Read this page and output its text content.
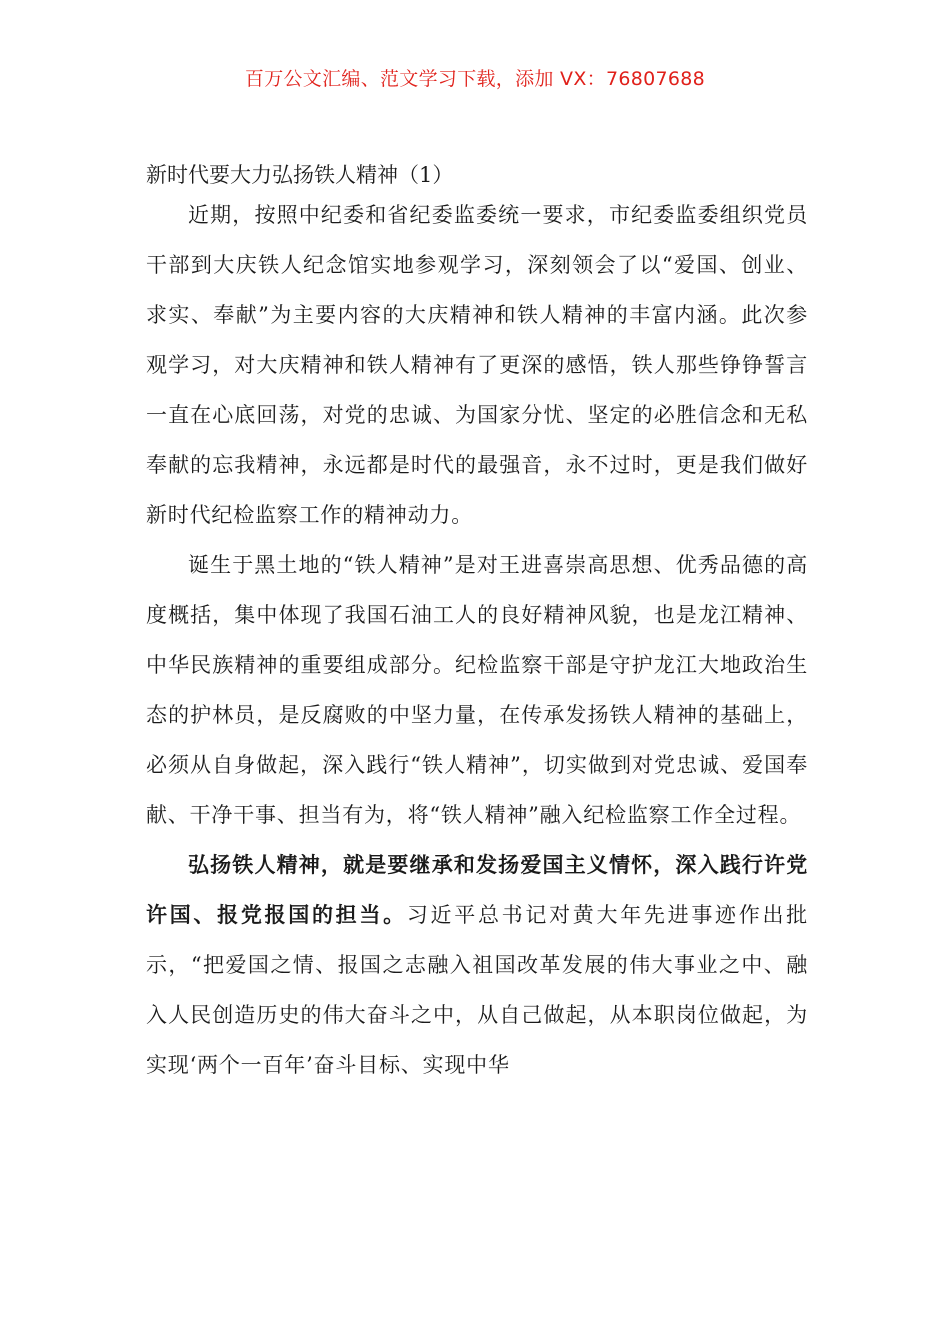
百万公文汇编、范文学习下载，添加 VX：76807688
新时代要大力弘扬铁人精神（1）

近期，按照中纪委和省纪委监委统一要求，市纪委监委组织党员干部到大庆铁人纪念馆实地参观学习，深刻领会了以“爱国、创业、求实、奉献”为主要内容的大庆精神和铁人精神的丰富内涵。此次参观学习，对大庆精神和铁人精神有了更深的感悟，铁人那些铮铮誓言一直在心底回荡，对党的忠诚、为国家分忧、坚定的必胜信念和无私奉献的忘我精神，永远都是时代的最强音，永不过时，更是我们做好新时代纪检监察工作的精神动力。

诞生于黑土地的“铁人精神”是对王进喜崇高思想、优秀品德的高度概括，集中体现了我国石油工人的良好精神风貌，也是龙江精神、中华民族精神的重要组成部分。纪检监察干部是守护龙江大地政治生态的护林员，是反腐败的中坚力量，在传承发扬铁人精神的基础上，必须从自身做起，深入践行“铁人精神”，切实做到对党忠诚、爱国奉献、干净干事、担当有为，将“铁人精神”融入纪检监察工作全过程。

弘扬铁人精神，就是要继承和发扬爱国主义情怀，深入践行许党许国、报党报国的担当。习近平总书记对黄大年先进事迹作出批示，“把爱国之情、报国之志融入祖国改革发展的伟大事业之中、融入人民创造历史的伟大奋斗之中，从自己做起，从本职岗位做起，为实现‘两个一百年’奋斗目标、实现中华
